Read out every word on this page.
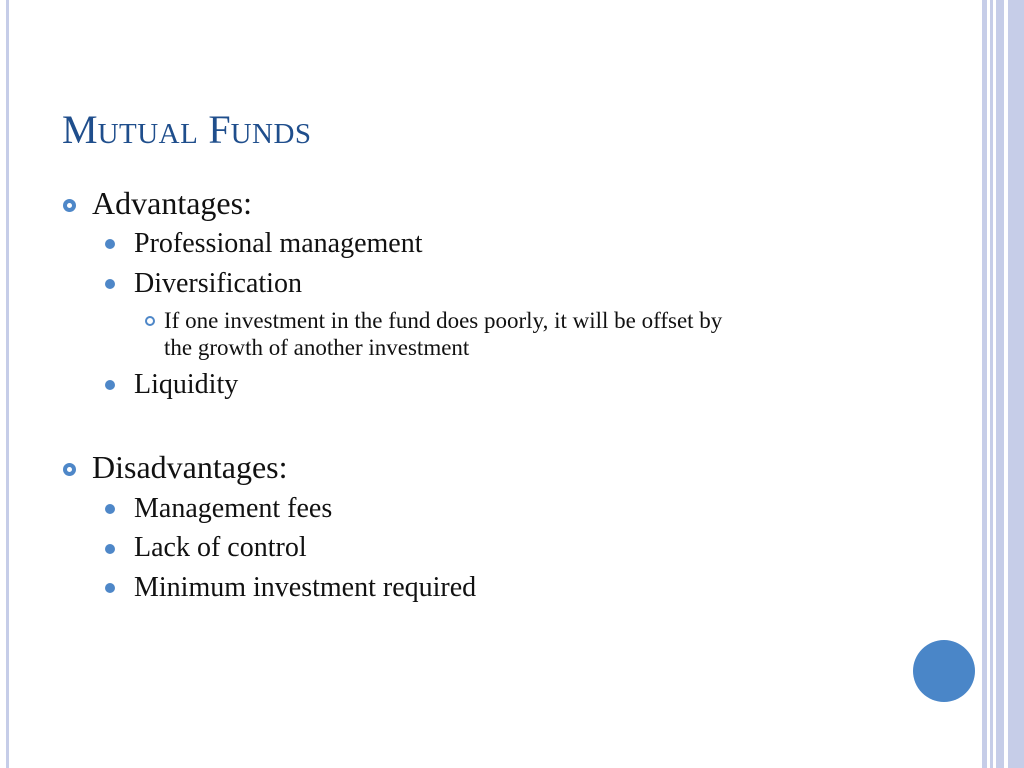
MUTUAL FUNDS
Advantages:
Professional management
Diversification
If one investment in the fund does poorly, it will be offset by
the growth of another investment
Liquidity
Disadvantages:
Management fees
Lack of control
Minimum investment required
